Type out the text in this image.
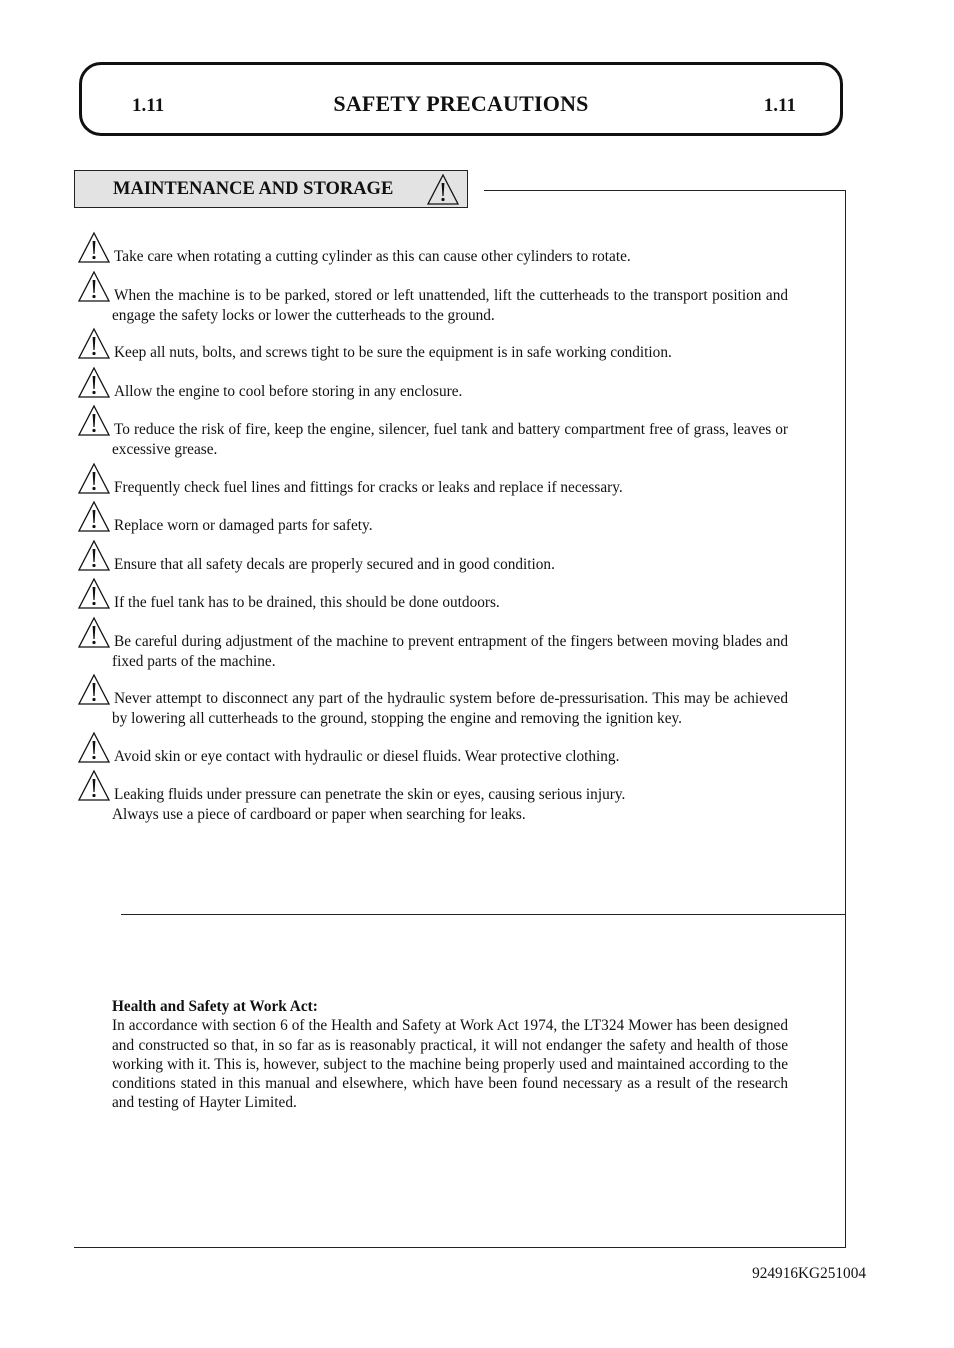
1.11	SAFETY PRECAUTIONS	1.11
MAINTENANCE AND STORAGE
Take care when rotating a cutting cylinder as this can cause other cylinders to rotate.
When the machine is to be parked, stored or left unattended, lift the cutterheads to the transport position and engage the safety locks or lower the cutterheads to the ground.
Keep all nuts, bolts, and screws tight to be sure the equipment is in safe working condition.
Allow the engine to cool before storing in any enclosure.
To reduce the risk of fire, keep the engine, silencer, fuel tank and battery compartment free of grass, leaves or excessive grease.
Frequently check fuel lines and fittings for cracks or leaks and replace if necessary.
Replace worn or damaged parts for safety.
Ensure that all safety decals are properly secured and in good condition.
If the fuel tank has to be drained, this should be done outdoors.
Be careful during adjustment of the machine to prevent entrapment of the fingers between moving blades and fixed parts of the machine.
Never attempt to disconnect any part of the hydraulic system before de-pressurisation. This may be achieved by lowering all cutterheads to the ground, stopping the engine and removing the ignition key.
Avoid skin or eye contact with hydraulic or diesel fluids. Wear protective clothing.
Leaking fluids under pressure can penetrate the skin or eyes, causing serious injury.
Always use a piece of cardboard or paper when searching for leaks.
Health and Safety at Work Act:
In accordance with section 6 of the Health and Safety at Work Act 1974, the LT324 Mower has been designed and constructed so that, in so far as is reasonably practical, it will not endanger the safety and health of those working with it. This is, however, subject to the machine being properly used and maintained according to the conditions stated in this manual and elsewhere, which have been found necessary as a result of the research and testing of Hayter Limited.
924916KG251004
